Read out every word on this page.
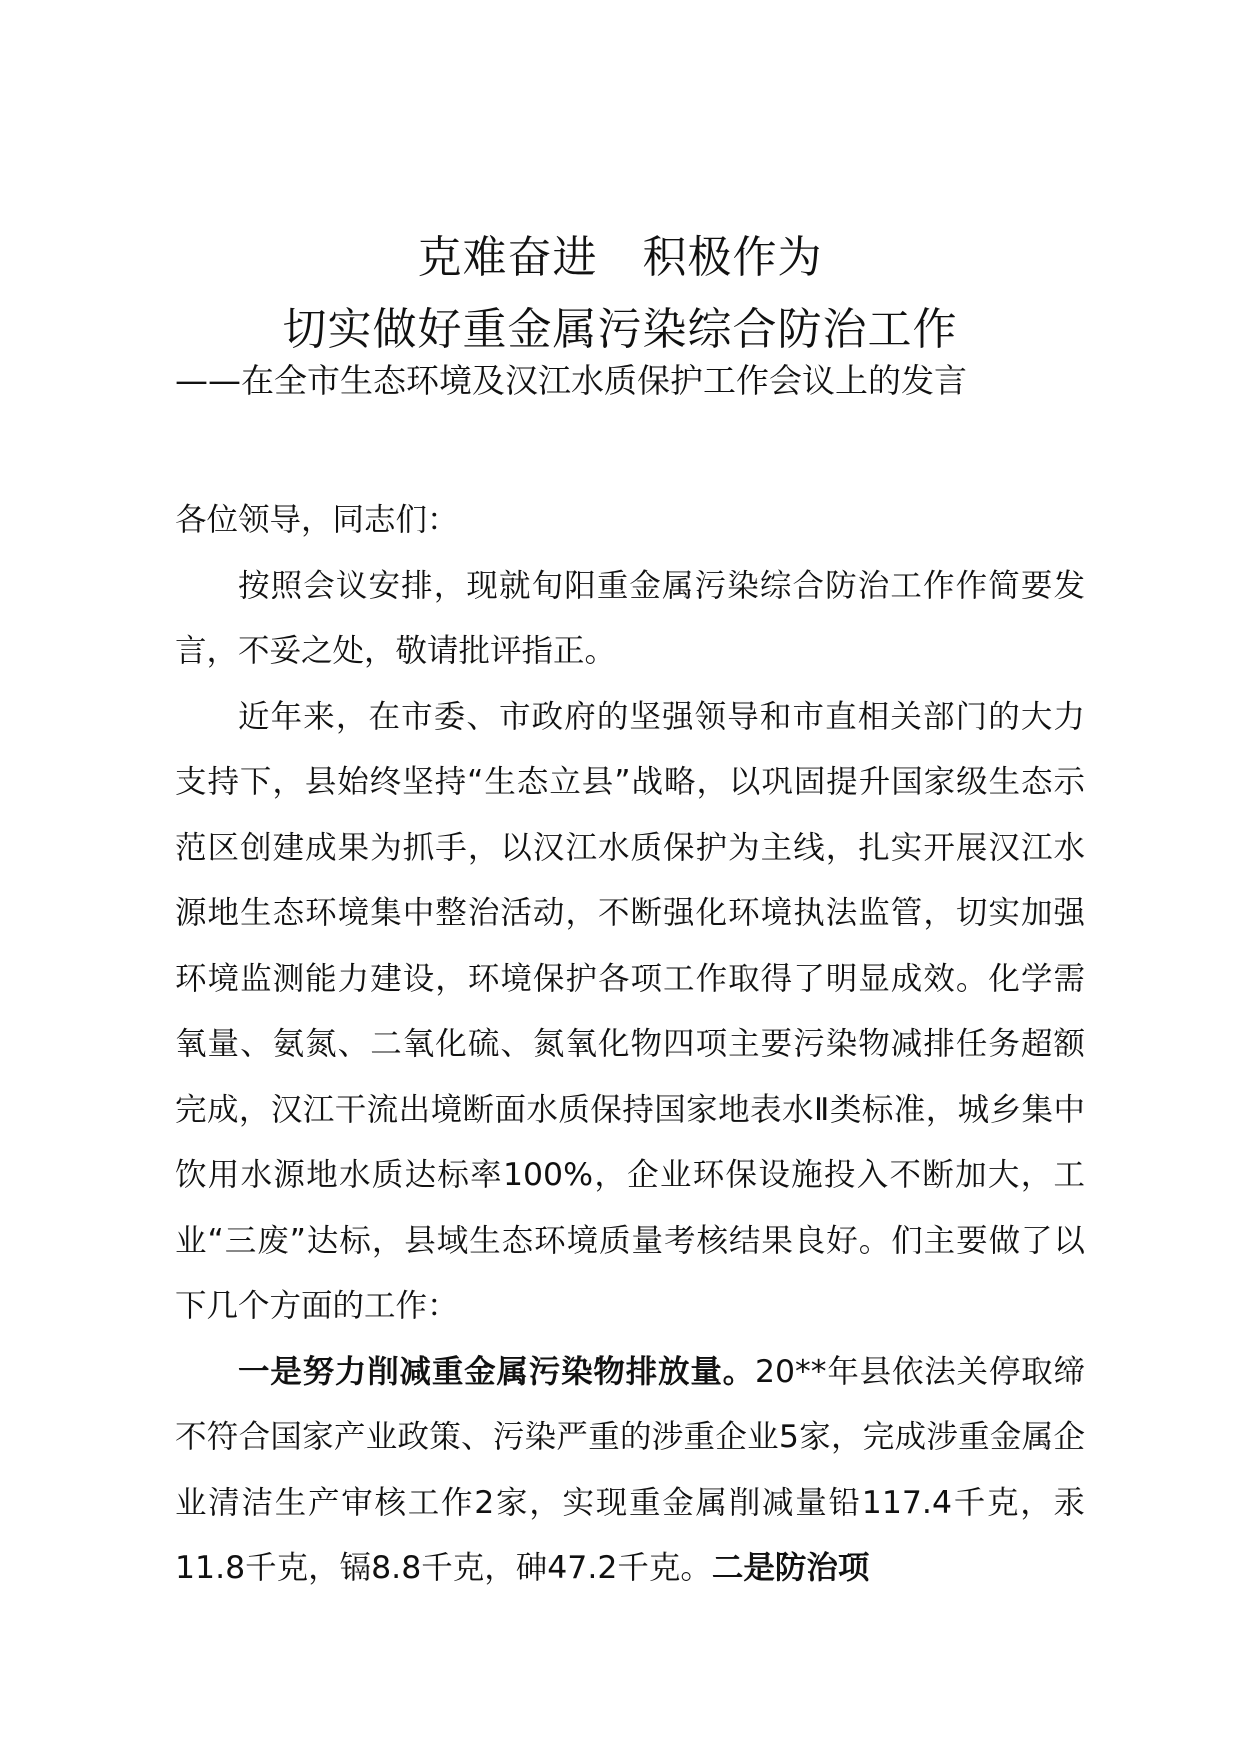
克难奋进　积极作为
切实做好重金属污染综合防治工作
——在全市生态环境及汉江水质保护工作会议上的发言

各位领导，同志们：

按照会议安排，现就旬阳重金属污染综合防治工作作简要发言，不妥之处，敬请批评指正。

近年来，在市委、市政府的坚强领导和市直相关部门的大力支持下，县始终坚持“生态立县”战略，以巩固提升国家级生态示范区创建成果为抓手，以汉江水质保护为主线，扎实开展汉江水源地生态环境集中整治活动，不断强化环境执法监管，切实加强环境监测能力建设，环境保护各项工作取得了明显成效。化学需氧量、氨氮、二氧化硫、氮氧化物四项主要污染物减排任务超额完成，汉江干流出境断面水质保持国家地表水Ⅱ类标准，城乡集中饮用水源地水质达标率100%，企业环保设施投入不断加大，工业“三废”达标，县域生态环境质量考核结果良好。们主要做了以下几个方面的工作：

一是努力削减重金属污染物排放量。20**年县依法关停取缔不符合国家产业政策、污染严重的涉重企业5家，完成涉重金属企业清洁生产审核工作2家，实现重金属削减量铅117.4千克，汞11.8千克，镉8.8千克，砷47.2千克。二是防治项
